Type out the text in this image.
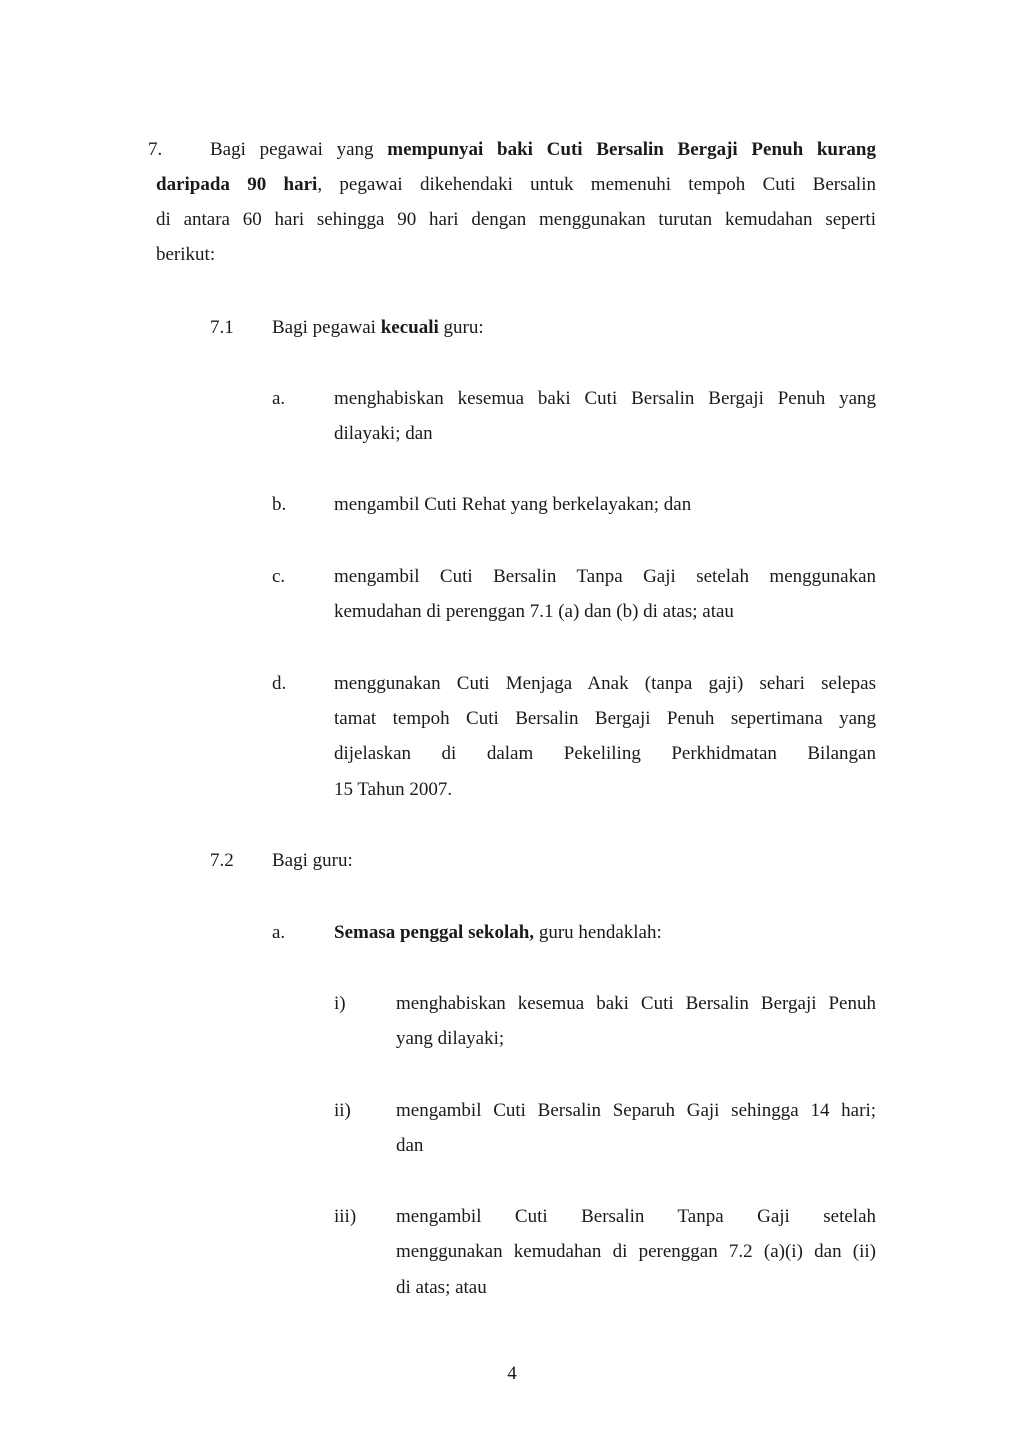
7.	Bagi pegawai yang mempunyai baki Cuti Bersalin Bergaji Penuh kurang
daripada 90 hari, pegawai dikehendaki untuk memenuhi tempoh Cuti Bersalin
di antara 60 hari sehingga 90 hari dengan menggunakan turutan kemudahan seperti
berikut:
7.1 Bagi pegawai kecuali guru:
a.	menghabiskan kesemua baki Cuti Bersalin Bergaji Penuh yang
dilayaki; dan
b.	mengambil Cuti Rehat yang berkelayakan; dan
c.	mengambil Cuti Bersalin Tanpa Gaji setelah menggunakan
kemudahan di perenggan 7.1 (a) dan (b) di atas; atau
d.	menggunakan Cuti Menjaga Anak (tanpa gaji) sehari selepas
tamat tempoh Cuti Bersalin Bergaji Penuh sepertimana yang
dijelaskan di dalam Pekeliling Perkhidmatan Bilangan
15 Tahun 2007.
7.2 Bagi guru:
a.	Semasa penggal sekolah, guru hendaklah:
i)	menghabiskan kesemua baki Cuti Bersalin Bergaji Penuh
yang dilayaki;
ii) mengambil Cuti Bersalin Separuh Gaji sehingga 14 hari;
dan
iii) mengambil Cuti Bersalin Tanpa Gaji setelah
menggunakan kemudahan di perenggan 7.2 (a)(i) dan (ii)
di atas; atau
4
